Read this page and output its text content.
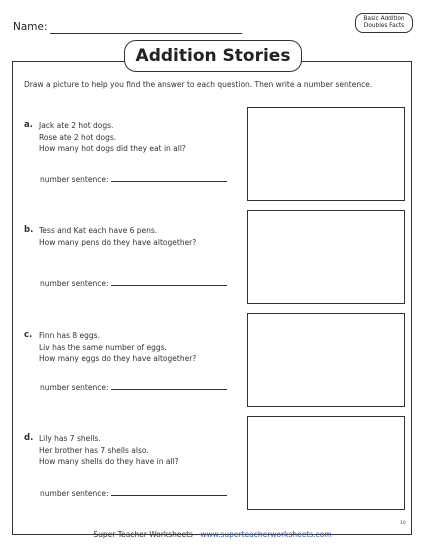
Name:
Basic Addition
Doubles Facts
Addition Stories
Draw a picture to help you find the answer to each question. Then write a number sentence.
a. Jack ate 2 hot dogs.
Rose ate 2 hot dogs.
How many hot dogs did they eat in all?
number sentence:
b. Tess and Kat each have 6 pens.
How many pens do they have altogether?
number sentence:
c. Finn has 8 eggs.
Liv has the same number of eggs.
How many eggs do they have altogether?
number sentence:
d. Lily has 7 shells.
Her brother has 7 shells also.
How many shells do they have in all?
number sentence:
10
Super Teacher Worksheets - www.superteacherworksheets.com
